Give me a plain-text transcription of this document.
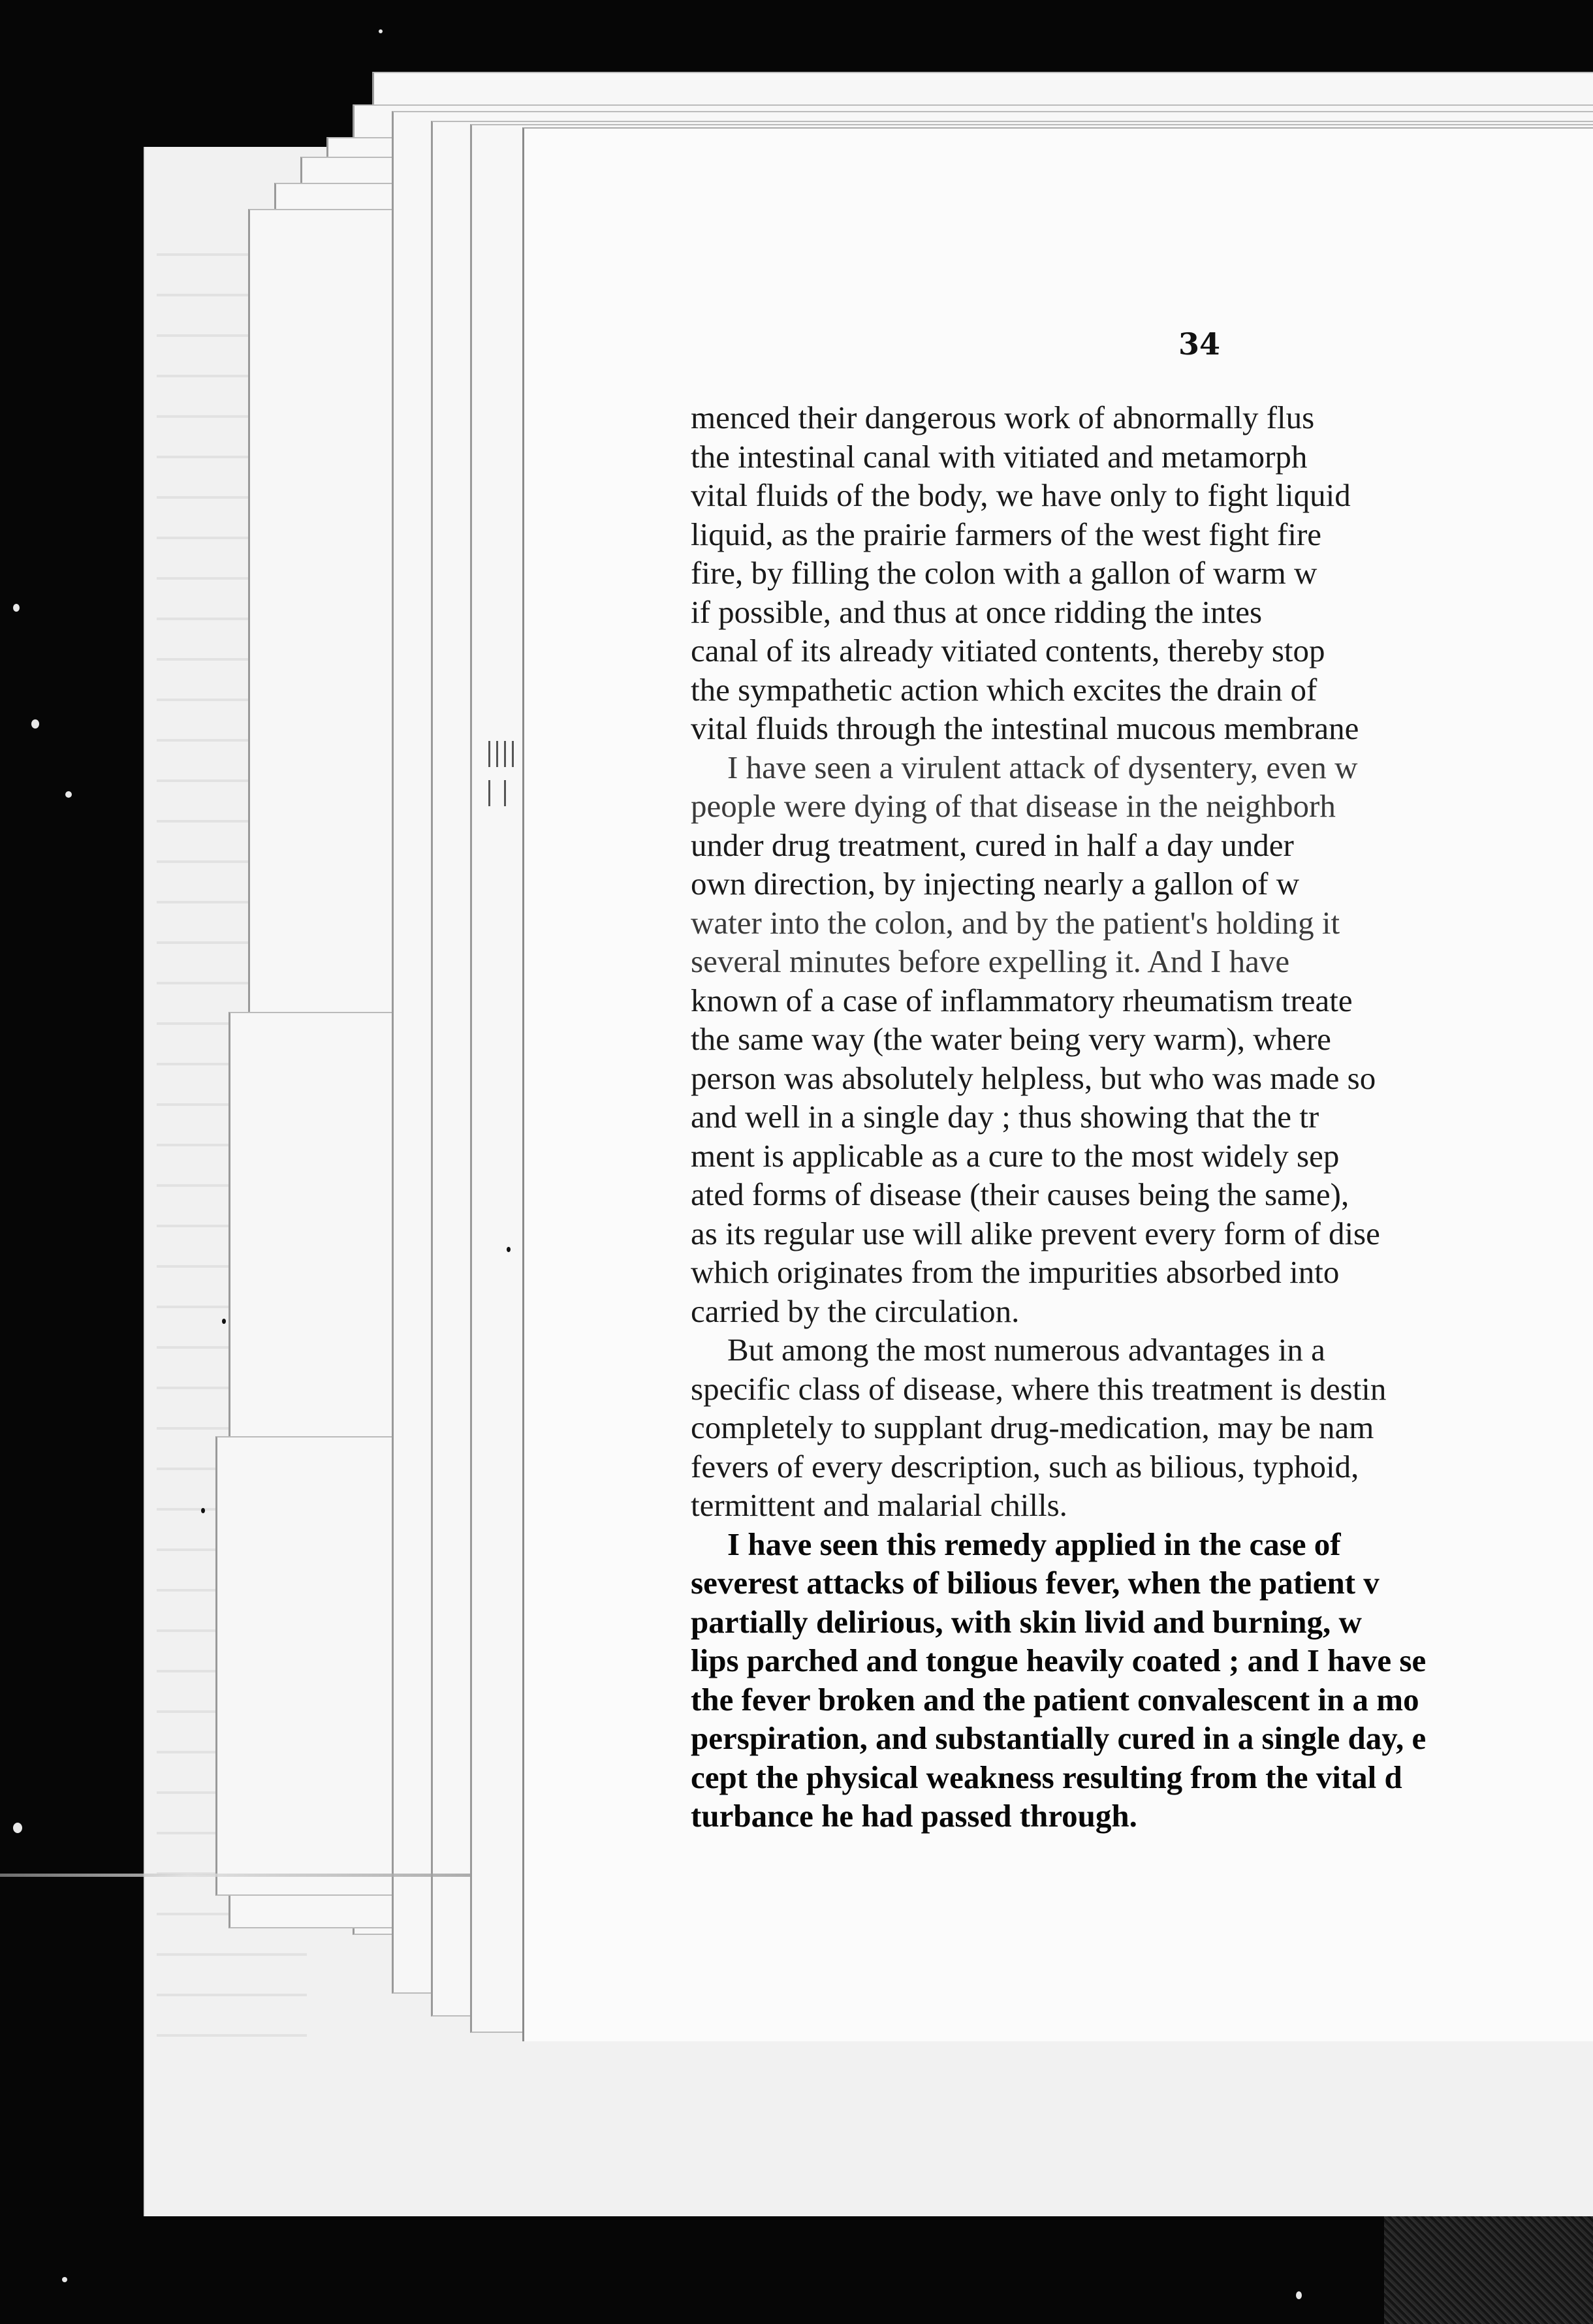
34
menced their dangerous work of abnormally flus
the intestinal canal with vitiated and metamorph
vital fluids of the body, we have only to fight liquid
liquid, as the prairie farmers of the west fight fire
fire, by filling the colon with a gallon of warm w
if possible, and thus at once ridding the intes
canal of its already vitiated contents, thereby stop
the sympathetic action which excites the drain of
vital fluids through the intestinal mucous membrane
I have seen a virulent attack of dysentery, even w
people were dying of that disease in the neighborh
under drug treatment, cured in half a day under
own direction, by injecting nearly a gallon of w
water into the colon, and by the patient's holding it
several minutes before expelling it. And I have
known of a case of inflammatory rheumatism treate
the same way (the water being very warm), where
person was absolutely helpless, but who was made so
and well in a single day ; thus showing that the tr
ment is applicable as a cure to the most widely sep
ated forms of disease (their causes being the same),
as its regular use will alike prevent every form of dise
which originates from the impurities absorbed into
carried by the circulation.
But among the most numerous advantages in a
specific class of disease, where this treatment is destin
completely to supplant drug-medication, may be nam
fevers of every description, such as bilious, typhoid,
termittent and malarial chills.
I have seen this remedy applied in the case of
severest attacks of bilious fever, when the patient v
partially delirious, with skin livid and burning, w
lips parched and tongue heavily coated ; and I have se
the fever broken and the patient convalescent in a mo
perspiration, and substantially cured in a single day, e
cept the physical weakness resulting from the vital d
turbance he had passed through.
